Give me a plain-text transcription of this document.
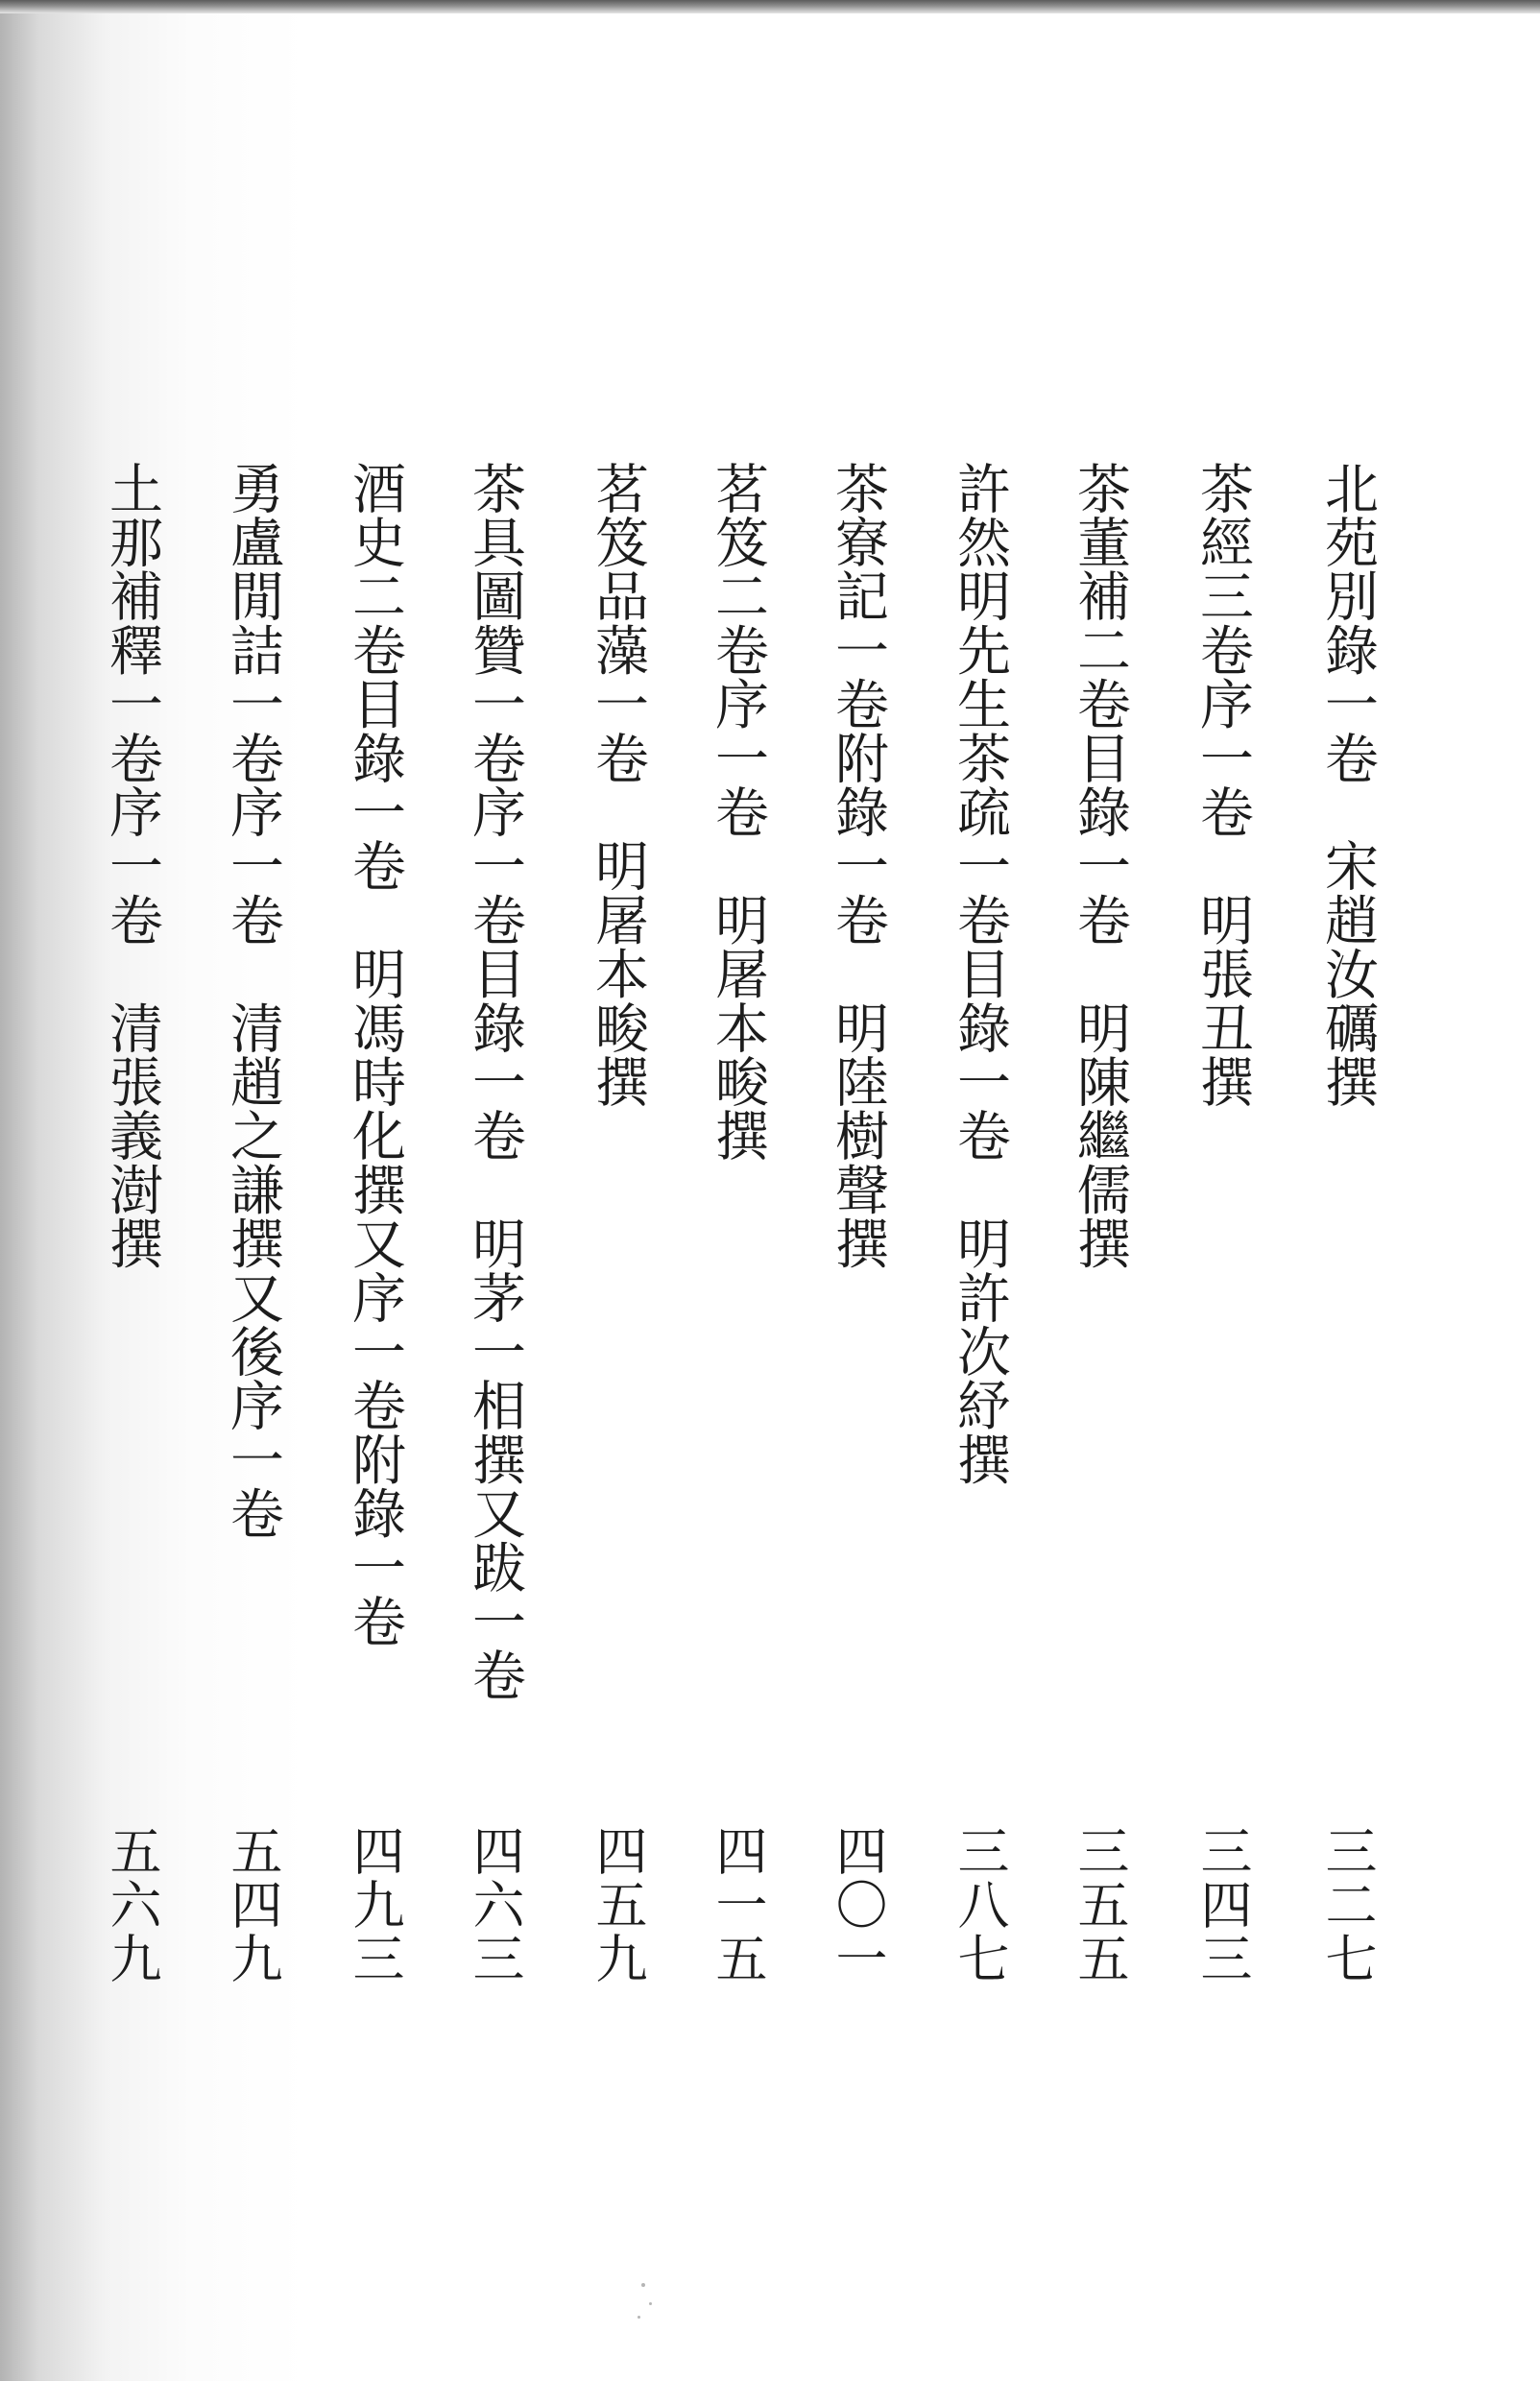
北苑別錄一卷　宋趙汝礪撰
三二七
茶經三卷序一卷　明張丑撰
三四三
茶董補二卷目錄一卷　明陳繼儒撰
三五五
許然明先生茶疏一卷目錄一卷　明許次紓撰
三八七
茶寮記一卷附錄一卷　明陸樹聲撰
四〇一
茗笈二卷序一卷　明屠本畯撰
四一五
茗笈品藻一卷　明屠本畯撰
四五九
茶具圖贊一卷序一卷目錄一卷　明茅一相撰又跋一卷
四六三
酒史二卷目錄一卷　明馮時化撰又序一卷附錄一卷
四九三
勇盧閒詰一卷序一卷　清趙之謙撰又後序一卷
五四九
土那補釋一卷序一卷　清張義澍撰
五六九
